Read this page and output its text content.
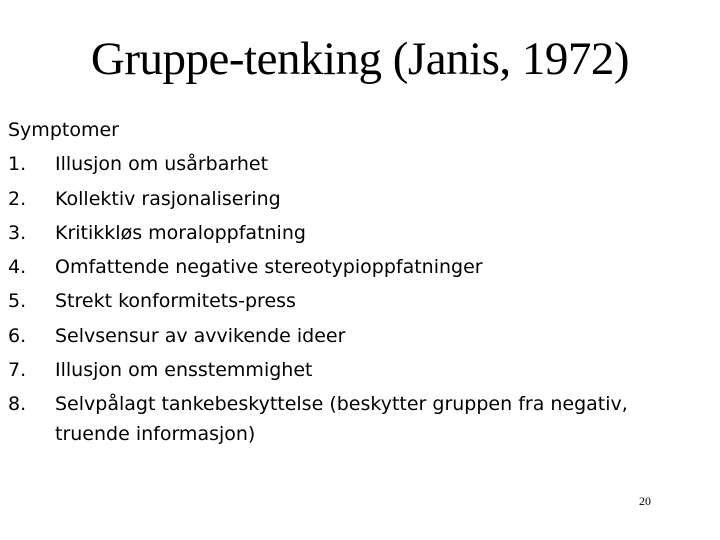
Gruppe-tenking (Janis, 1972)
Symptomer
1.	Illusjon om usårbarhet
2.	Kollektiv rasjonalisering
3.	Kritikkløs moraloppfatning
4.	Omfattende negative stereotypioppfatninger
5.	Strekt konformitets-press
6.	Selvsensur av avvikende ideer
7.	Illusjon om ensstemmighet
8.	Selvpålagt tankebeskyttelse (beskytter gruppen fra negativ, truende informasjon)
20
